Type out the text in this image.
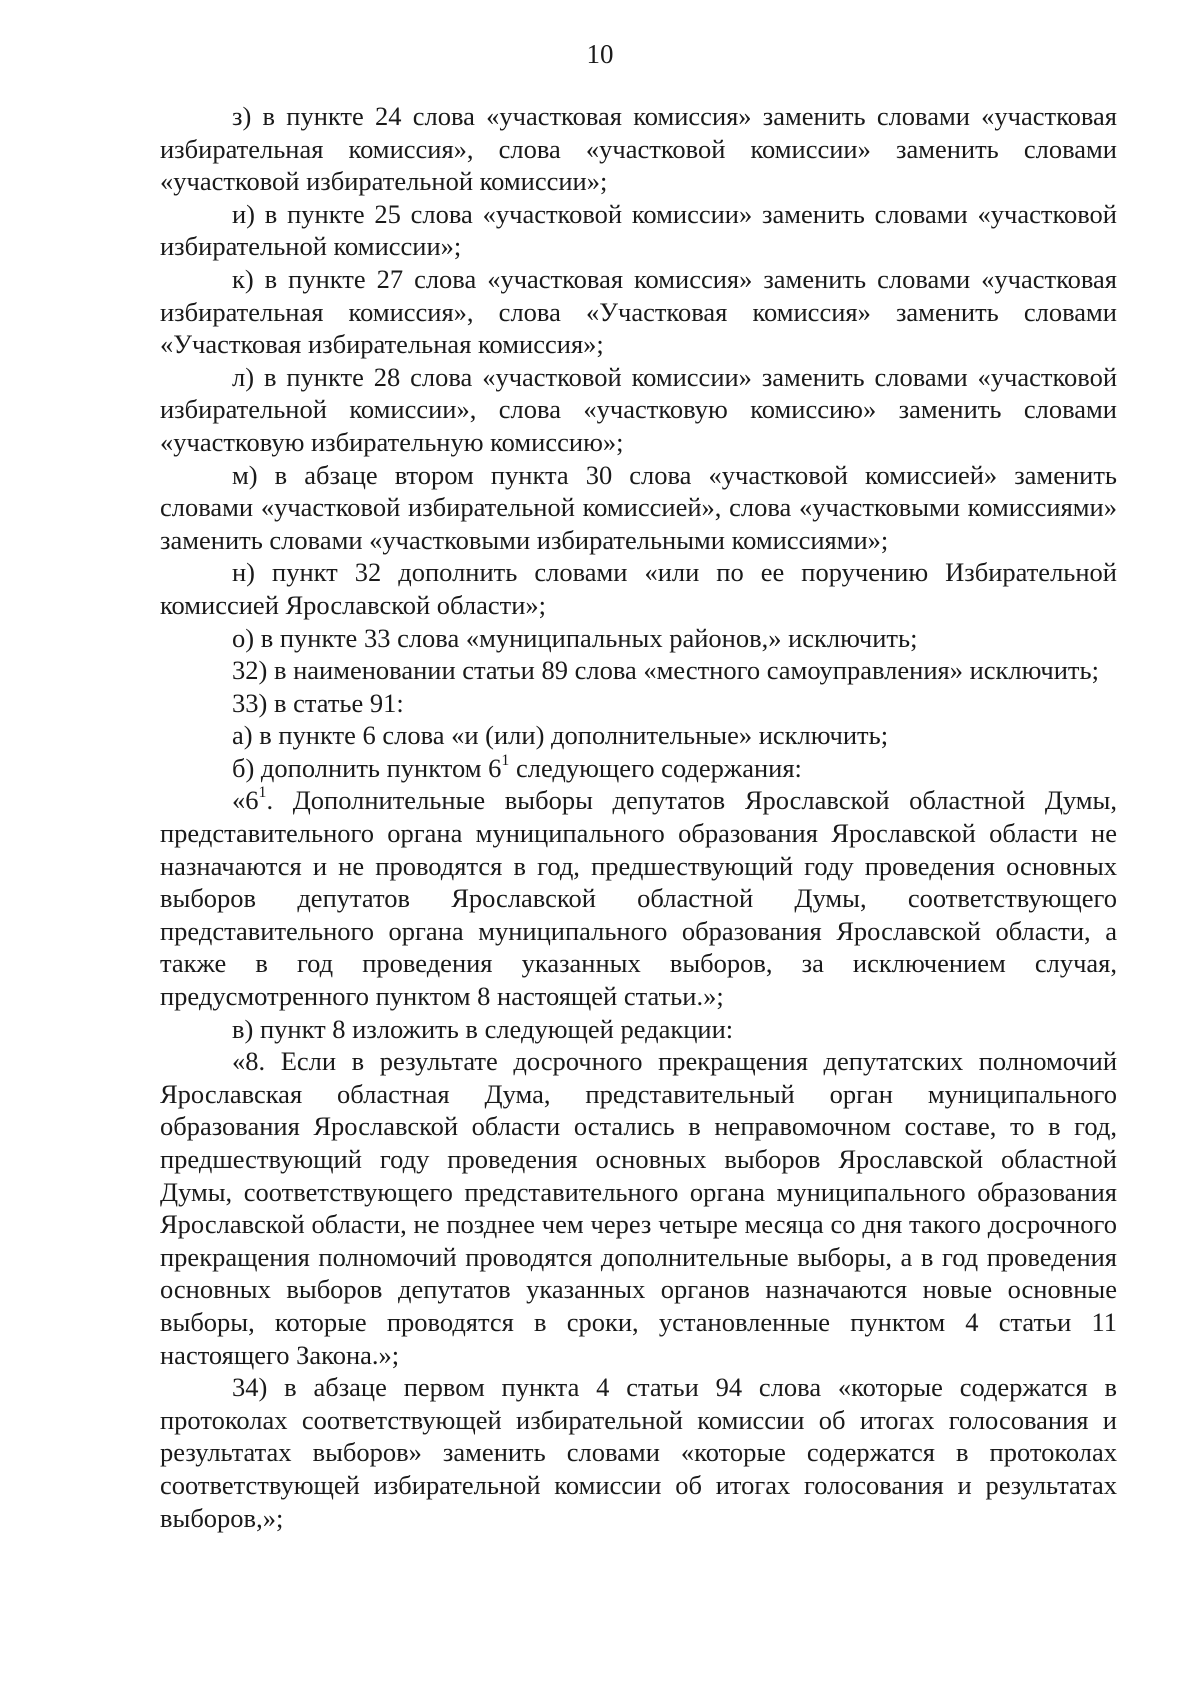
10

з) в пункте 24 слова «участковая комиссия» заменить словами «участковая избирательная комиссия», слова «участковой комиссии» заменить словами «участковой избирательной комиссии»;

и) в пункте 25 слова «участковой комиссии» заменить словами «участковой избирательной комиссии»;

к) в пункте 27 слова «участковая комиссия» заменить словами «участковая избирательная комиссия», слова «Участковая комиссия» заменить словами «Участковая избирательная комиссия»;

л) в пункте 28 слова «участковой комиссии» заменить словами «участковой избирательной комиссии», слова «участковую комиссию» заменить словами «участковую избирательную комиссию»;

м) в абзаце втором пункта 30 слова «участковой комиссией» заменить словами «участковой избирательной комиссией», слова «участковыми комиссиями» заменить словами «участковыми избирательными комиссиями»;

н) пункт 32 дополнить словами «или по ее поручению Избирательной комиссией Ярославской области»;

о) в пункте 33 слова «муниципальных районов,» исключить;

32) в наименовании статьи 89 слова «местного самоуправления» исключить;

33) в статье 91:

а) в пункте 6 слова «и (или) дополнительные» исключить;

б) дополнить пунктом $6^1$ следующего содержания:

«$6^1$. Дополнительные выборы депутатов Ярославской областной Думы, представительного органа муниципального образования Ярославской области не назначаются и не проводятся в год, предшествующий году проведения основных выборов депутатов Ярославской областной Думы, соответствующего представительного органа муниципального образования Ярославской области, а также в год проведения указанных выборов, за исключением случая, предусмотренного пунктом 8 настоящей статьи.»;

в) пункт 8 изложить в следующей редакции:

«8. Если в результате досрочного прекращения депутатских полномочий Ярославская областная Дума, представительный орган муниципального образования Ярославской области остались в неправомочном составе, то в год, предшествующий году проведения основных выборов Ярославской областной Думы, соответствующего представительного органа муниципального образования Ярославской области, не позднее чем через четыре месяца со дня такого досрочного прекращения полномочий проводятся дополнительные выборы, а в год проведения основных выборов депутатов указанных органов назначаются новые основные выборы, которые проводятся в сроки, установленные пунктом 4 статьи 11 настоящего Закона.»;

34) в абзаце первом пункта 4 статьи 94 слова «которые содержатся в протоколах соответствующей избирательной комиссии об итогах голосования и результатах выборов» заменить словами «которые содержатся в протоколах соответствующей избирательной комиссии об итогах голосования и результатах выборов,»;
